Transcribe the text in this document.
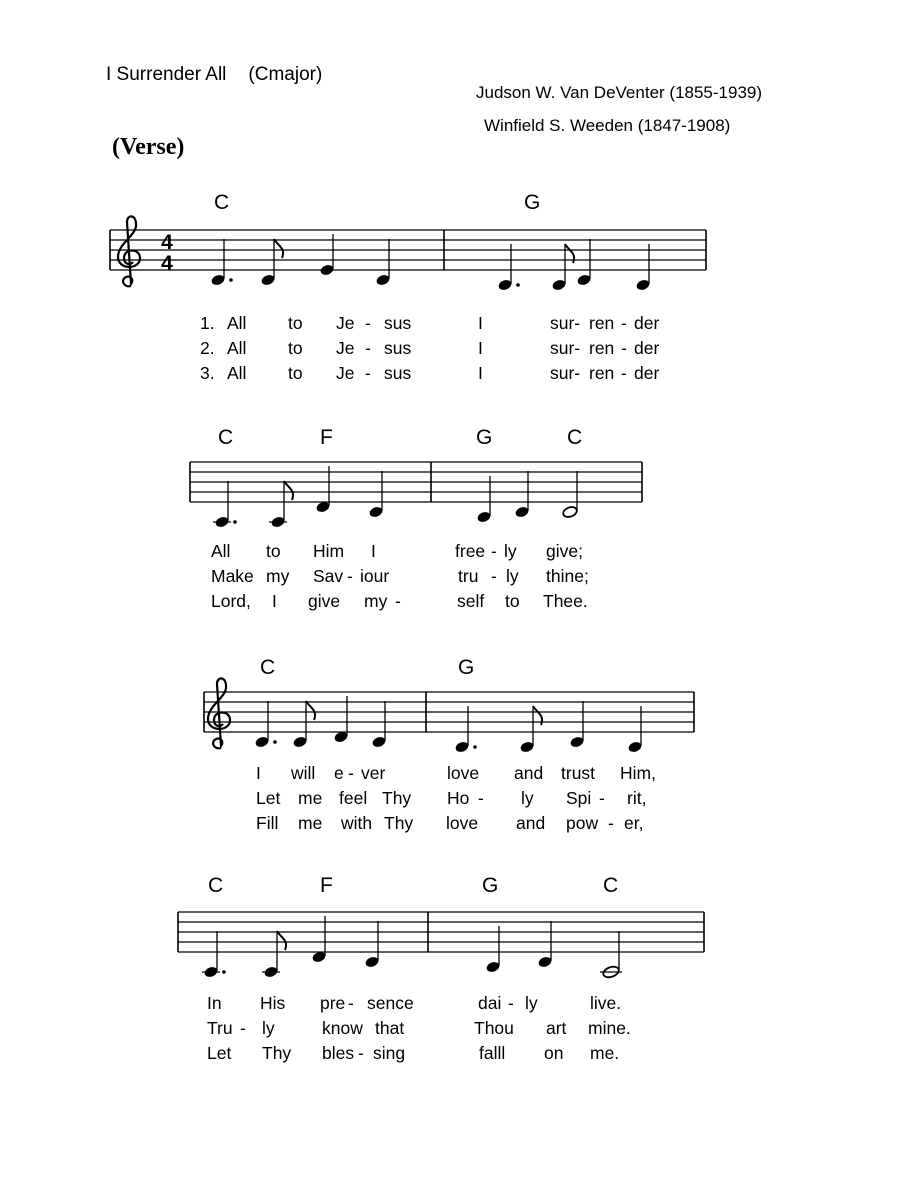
I Surrender All (Cmajor)
Judson W. Van DeVenter (1855-1939)
Winfield S. Weeden (1847-1908)
(Verse)
C	G
4
4
1. All to Je - sus	I	sur- ren - der
2. All to Je - sus	I	sur- ren - der
3. All to Je - sus	I	sur- ren - der
C	F	G	C
All to Him I	free - ly give;
Make my Sav - iour	tru - ly thine;
Lord, I give my -	self to Thee.
C	G
I will e - ver	love and trust Him,
Let me feel Thy Ho - ly Spi - rit,
Fill me with Thy love and pow - er,
C	F	G	C
In His pre - sence	dai - ly	live.
Tru - ly	know that	Thou art mine.
Let Thy bles - sing	falll on me.
